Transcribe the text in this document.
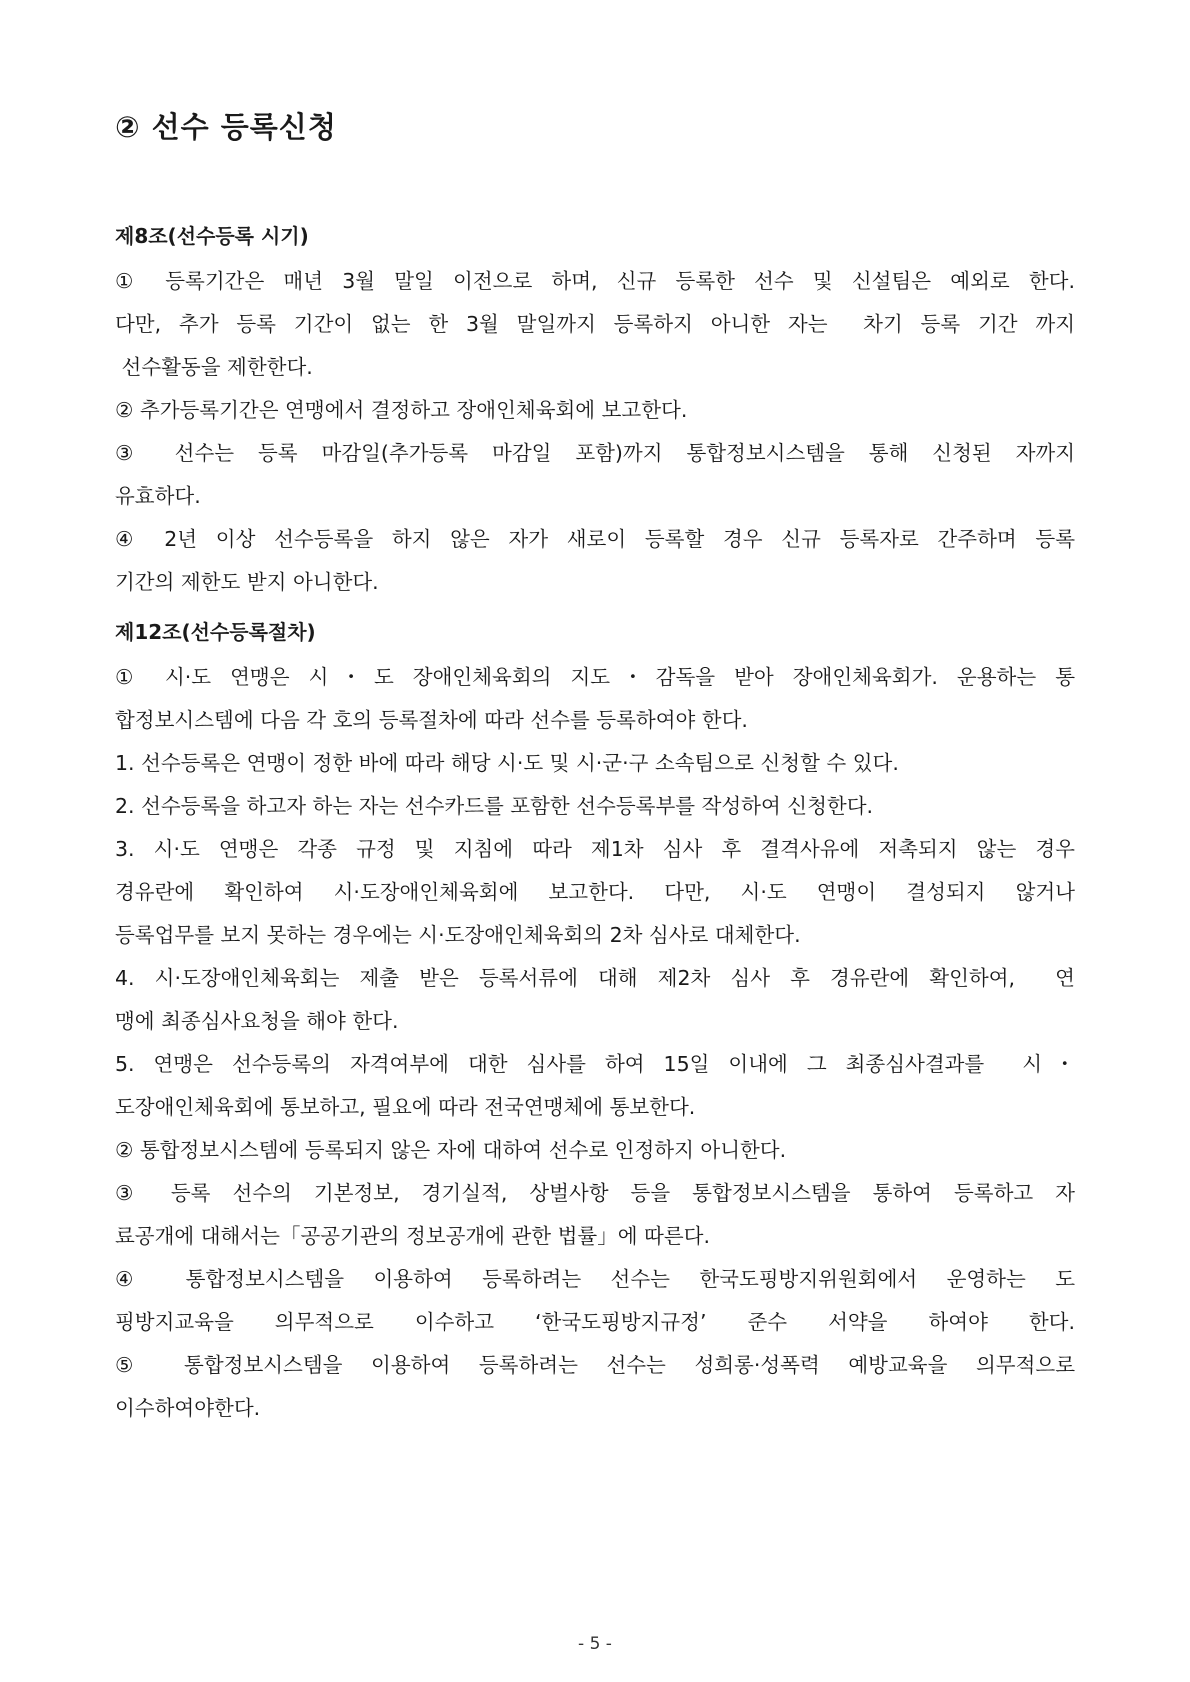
② 선수 등록신청
제8조(선수등록 시기)
① 등록기간은 매년 3월 말일 이전으로 하며, 신규 등록한 선수 및 신설팀은 예외로 한다.
다만, 추가 등록 기간이 없는 한 3월 말일까지 등록하지 아니한 자는  차기 등록 기간 까지
선수활동을 제한한다.
② 추가등록기간은 연맹에서 결정하고 장애인체육회에 보고한다.
③ 선수는 등록 마감일(추가등록 마감일 포함)까지 통합정보시스템을 통해 신청된 자까지
유효하다.
④ 2년 이상 선수등록을 하지 않은 자가 새로이 등록할 경우 신규 등록자로 간주하며 등록
기간의 제한도 받지 아니한다.
제12조(선수등록절차)
① 시·도 연맹은 시・도 장애인체육회의 지도・감독을 받아 장애인체육회가. 운용하는 통
합정보시스템에 다음 각 호의 등록절차에 따라 선수를 등록하여야 한다.
1. 선수등록은 연맹이 정한 바에 따라 해당 시·도 및 시·군·구 소속팀으로 신청할 수 있다.
2. 선수등록을 하고자 하는 자는 선수카드를 포함한 선수등록부를 작성하여 신청한다.
3. 시·도 연맹은 각종 규정 및 지침에 따라 제1차 심사 후 결격사유에 저촉되지 않는 경우
경유란에 확인하여 시·도장애인체육회에 보고한다. 다만, 시·도 연맹이 결성되지 않거나
등록업무를 보지 못하는 경우에는 시·도장애인체육회의 2차 심사로 대체한다.
4. 시·도장애인체육회는 제출 받은 등록서류에 대해 제2차 심사 후 경유란에 확인하여,  연
맹에 최종심사요청을 해야 한다.
5. 연맹은 선수등록의 자격여부에 대한 심사를 하여 15일 이내에 그 최종심사결과를  시・
도장애인체육회에 통보하고, 필요에 따라 전국연맹체에 통보한다.
② 통합정보시스템에 등록되지 않은 자에 대하여 선수로 인정하지 아니한다.
③ 등록 선수의 기본정보, 경기실적, 상벌사항 등을 통합정보시스템을 통하여 등록하고 자
료공개에 대해서는「공공기관의 정보공개에 관한 법률」에 따른다.
④ 통합정보시스템을 이용하여 등록하려는 선수는 한국도핑방지위원회에서 운영하는 도
핑방지교육을 의무적으로 이수하고 ‘한국도핑방지규정’ 준수 서약을 하여야 한다.
⑤ 통합정보시스템을 이용하여 등록하려는 선수는 성희롱·성폭력 예방교육을 의무적으로
이수하여야한다.
- 5 -
